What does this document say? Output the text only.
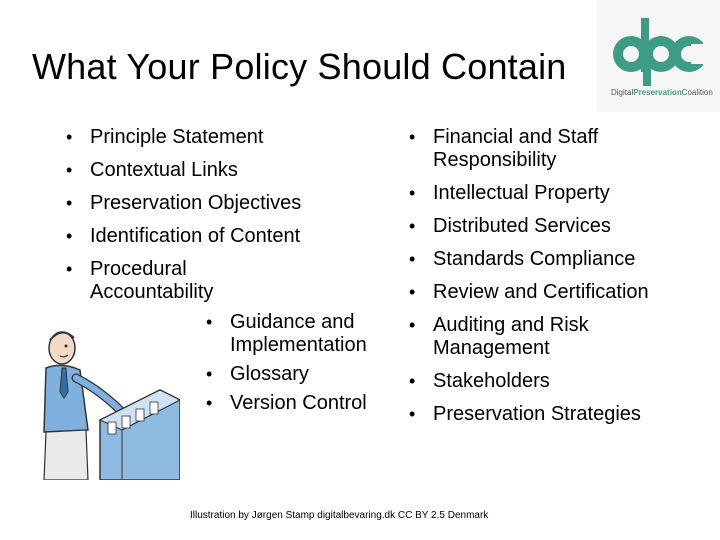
What Your Policy Should Contain
DigitalPreservationCoalition
• Principle Statement
• Contextual Links
• Preservation Objectives
• Identification of Content
• Procedural
Accountability
• Guidance and
Implementation
• Glossary
• Version Control
• Financial and Staff
Responsibility
• Intellectual Property
• Distributed Services
• Standards Compliance
• Review and Certification
• Auditing and Risk
Management
• Stakeholders
• Preservation Strategies
Illustration by Jørgen Stamp digitalbevaring.dk CC BY 2.5 Denmark
